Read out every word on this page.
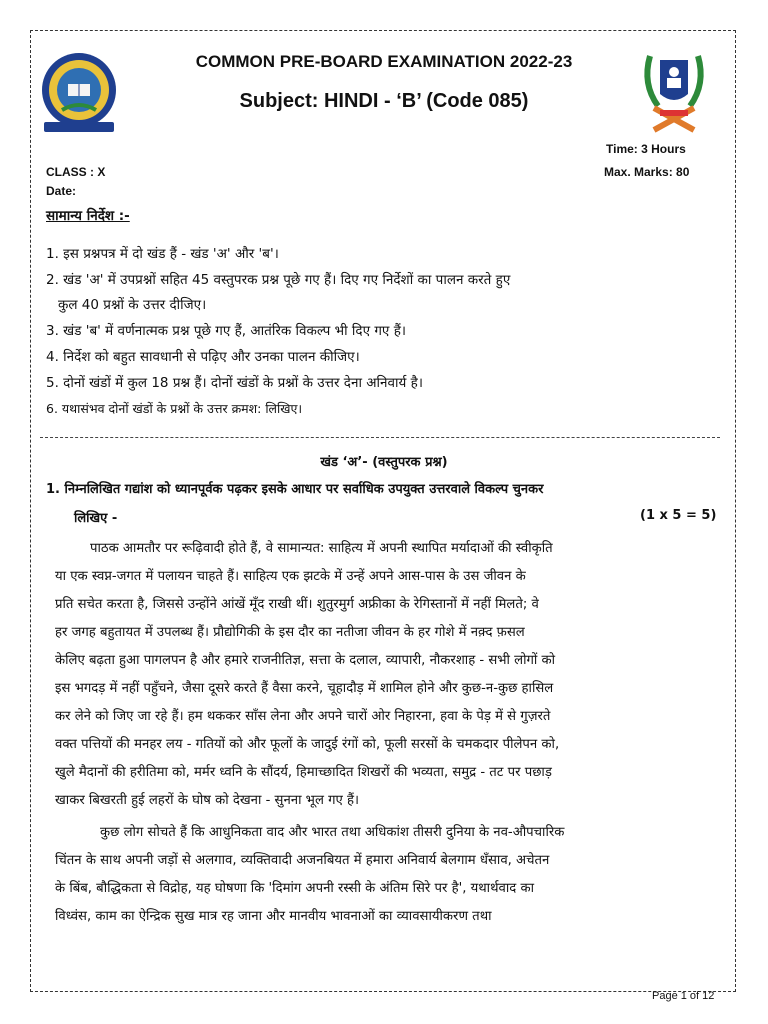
COMMON PRE-BOARD EXAMINATION 2022-23
Subject: HINDI - ‘B’ (Code 085)
Time: 3 Hours
CLASS : X	Max. Marks: 80
Date:
सामान्य निर्देश :-
1. इस प्रश्नपत्र में दो खंड हैं - खंड 'अ' और 'ब'।
2. खंड 'अ' में उपप्रश्नों सहित 45 वस्तुपरक प्रश्न पूछे गए हैं। दिए गए निर्देशों का पालन करते हुए
कुल 40 प्रश्नों के उत्तर दीजिए।
3. खंड 'ब' में वर्णनात्मक प्रश्न पूछे गए हैं, आतंरिक विकल्प भी दिए गए हैं।
4. निर्देश को बहुत सावधानी से पढ़िए और उनका पालन कीजिए।
5. दोनों खंडों में कुल 18 प्रश्न हैं। दोनों खंडों के प्रश्नों के उत्तर देना अनिवार्य है।
6. यथासंभव दोनों खंडों के प्रश्नों के उत्तर क्रमश: लिखिए।
खंड ‘अ’- (वस्तुपरक प्रश्न)
1. निम्नलिखित गद्यांश को ध्यानपूर्वक पढ़कर इसके आधार पर सर्वाधिक उपयुक्त उत्तरवाले विकल्प चुनकर
लिखिए -	(1 x 5 = 5)
पाठक आमतौर पर रूढ़िवादी होते हैं, वे सामान्यत: साहित्य में अपनी स्थापित मर्यादाओं की स्वीकृति
या एक स्वप्न-जगत में पलायन चाहते हैं। साहित्य एक झटके में उन्हें अपने आस-पास के उस जीवन के
प्रति सचेत करता है, जिससे उन्होंने आंखें मूँद राखी थीं। शुतुरमुर्ग अफ्रीका के रेगिस्तानों में नहीं मिलते; वे
हर जगह बहुतायत में उपलब्ध हैं। प्रौद्योगिकी के इस दौर का नतीजा जीवन के हर गोशे में नक़्द फ़सल
केलिए बढ़ता हुआ पागलपन है और हमारे राजनीतिज्ञ, सत्ता के दलाल, व्यापारी, नौकरशाह - सभी लोगों को
इस भगदड़ में नहीं पहुँचने, जैसा दूसरे करते हैं वैसा करने, चूहादौड़ में शामिल होने और कुछ-न-कुछ हासिल
कर लेने को जिए जा रहे हैं। हम थककर साँस लेना और अपने चारों ओर निहारना, हवा के पेड़ में से गुज़रते
वक्त पत्तियों की मनहर लय - गतियों को और फूलों के जादुई रंगों को, फूली सरसों के चमकदार पीलेपन को,
खुले मैदानों की हरीतिमा को, मर्मर ध्वनि के सौंदर्य, हिमाच्छादित शिखरों की भव्यता, समुद्र - तट पर पछाड़
खाकर बिखरती हुई लहरों के घोष को देखना - सुनना भूल गए हैं।
कुछ लोग सोचते हैं कि आधुनिकता वाद और भारत तथा अधिकांश तीसरी दुनिया के नव-औपचारिक
चिंतन के साथ अपनी जड़ों से अलगाव, व्यक्तिवादी अजनबियत में हमारा अनिवार्य बेलगाम धँसाव, अचेतन
के बिंब, बौद्धिकता से विद्रोह, यह घोषणा कि 'दिमांग अपनी रस्सी के अंतिम सिरे पर है', यथार्थवाद का
विध्वंस, काम का ऐन्द्रिक सुख मात्र रह जाना और मानवीय भावनाओं का व्यावसायीकरण तथा
Page 1 of 12
